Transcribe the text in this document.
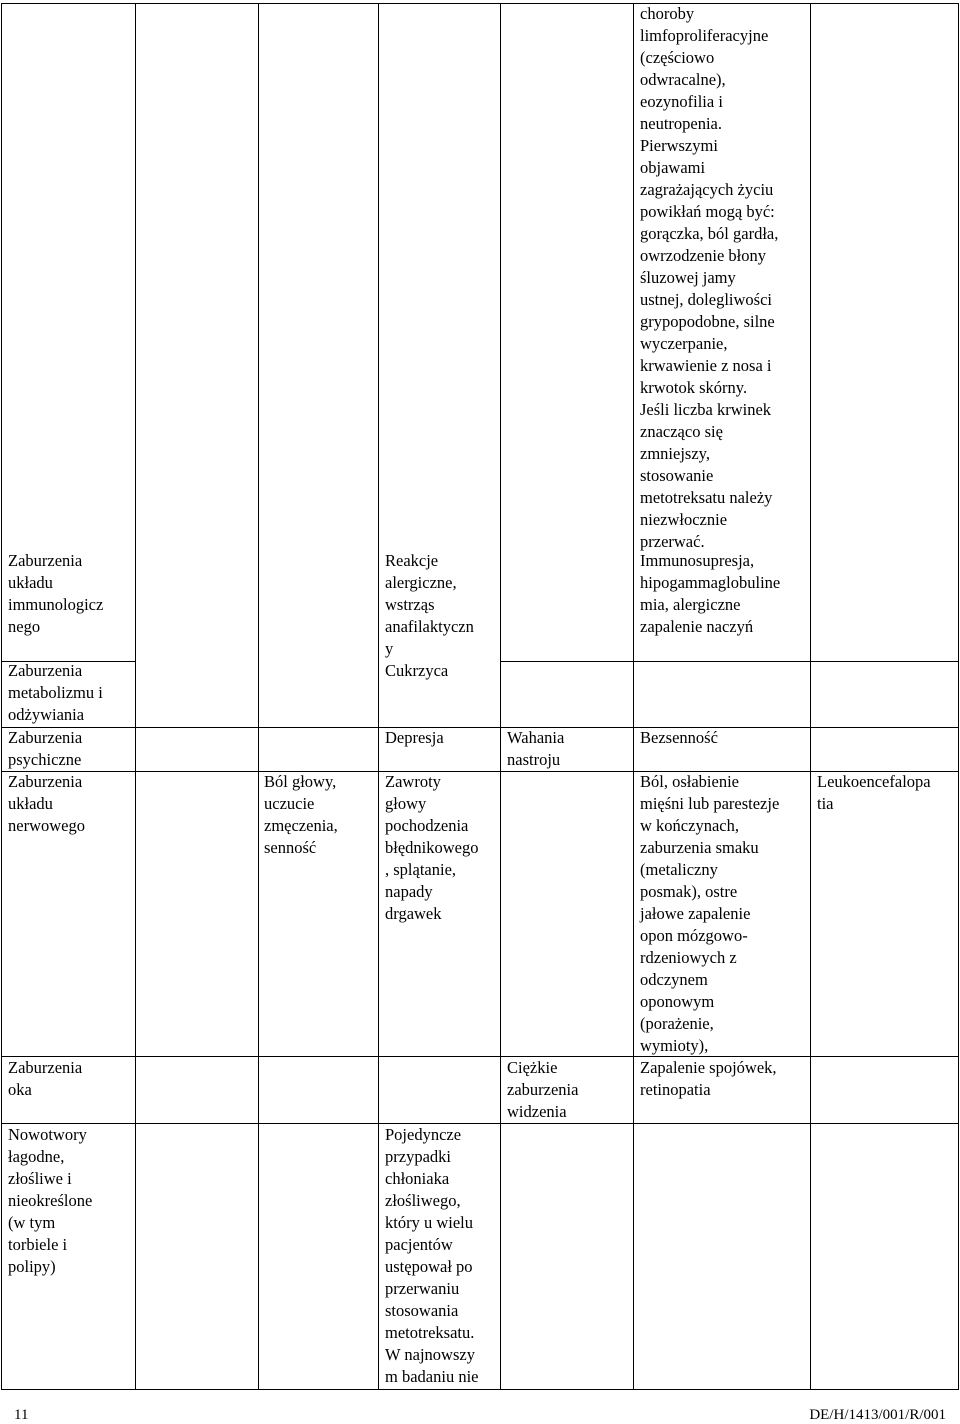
Zaburzenia
układu
immunologicz
nego
Zaburzenia
metabolizmu i
odżywiania
Zaburzenia
psychiczne
Zaburzenia
układu
nerwowego
Zaburzenia
oka
Nowotwory
łagodne,
złośliwe i
nieokreślone
(w tym
torbiele i
polipy)
Ból głowy,
uczucie
zmęczenia,
senność
Reakcje
alergiczne,
wstrząs
anafilaktyczn
y
Cukrzyca
Depresja
Zawroty
głowy
pochodzenia
błędnikowego
, splątanie,
napady
drgawek
Pojedyncze
przypadki
chłoniaka
złośliwego,
który u wielu
pacjentów
ustępował po
przerwaniu
stosowania
metotreksatu.
W najnowszy
m badaniu nie
Wahania
nastroju
Ciężkie
zaburzenia
widzenia
choroby
limfoproliferacyjne
(częściowo
odwracalne),
eozynofilia i
neutropenia.
Pierwszymi
objawami
zagrażających życiu
powikłań mogą być:
gorączka, ból gardła,
owrzodzenie błony
śluzowej jamy
ustnej, dolegliwości
grypopodobne, silne
wyczerpanie,
krwawienie z nosa i
krwotok skórny.
Jeśli liczba krwinek
znacząco się
zmniejszy,
stosowanie
metotreksatu należy
niezwłocznie
przerwać.
Immunosupresja,
hipogammaglobuline
mia, alergiczne
zapalenie naczyń
Bezsenność
Ból, osłabienie
mięśni lub parestezje
w kończynach,
zaburzenia smaku
(metaliczny
posmak), ostre
jałowe zapalenie
opon mózgowo-
rdzeniowych z
odczynem
oponowym
(porażenie,
wymioty),
Zapalenie spojówek,
retinopatia
Leukoencefalopa
tia
11	DE/H/1413/001/R/001
